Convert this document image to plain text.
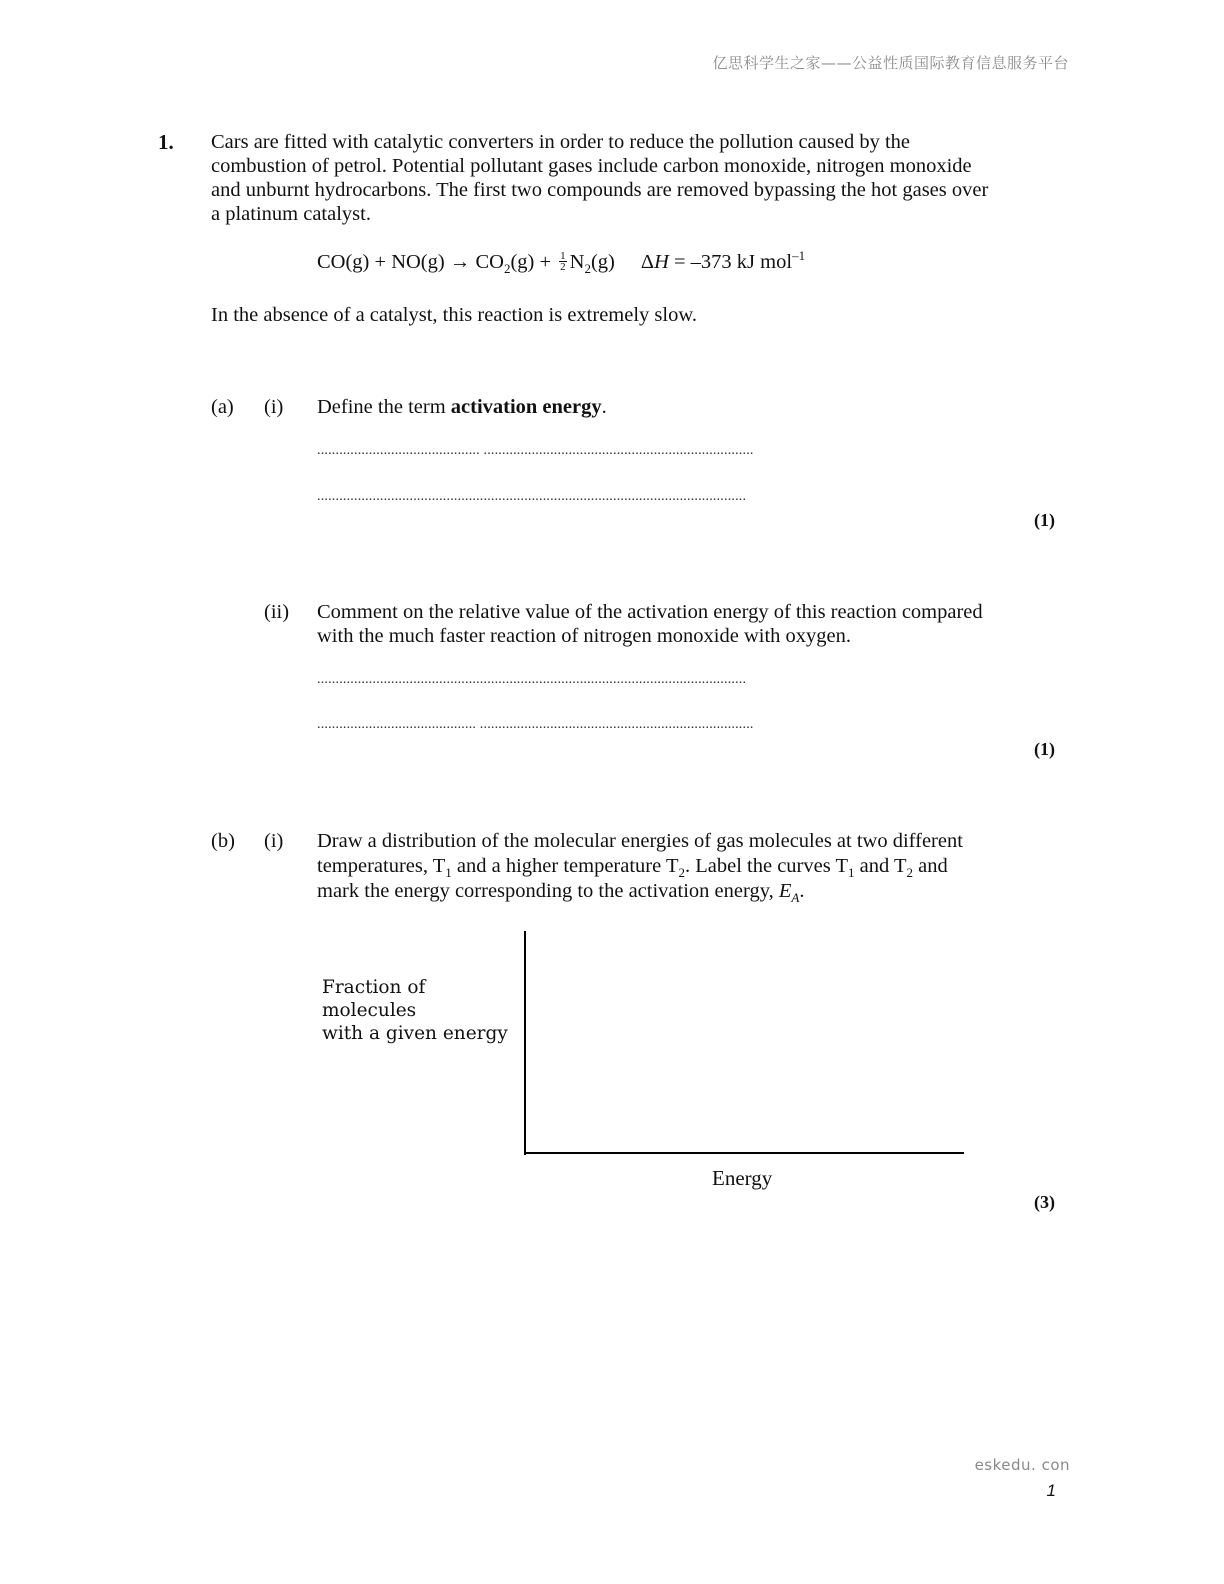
亿思科学生之家——公益性质国际教育信息服务平台
1. Cars are fitted with catalytic converters in order to reduce the pollution caused by the
combustion of petrol. Potential pollutant gases include carbon monoxide, nitrogen monoxide
and unburnt hydrocarbons. The first two compounds are removed bypassing the hot gases over
a platinum catalyst.
$CO(g) + NO(g) \to CO_2(g) + \frac{1}{2} N_2(g) \Delta H = -373$ kJ mol$^{-1}$
In the absence of a catalyst, this reaction is extremely slow.
(a) (i) Define the term activation energy.
............................................ .........................................................................
....................................................................................................................
(1)
(ii) Comment on the relative value of the activation energy of this reaction compared
with the much faster reaction of nitrogen monoxide with oxygen.
....................................................................................................................
........................................... ..........................................................................
(1)
(b) (i) Draw a distribution of the molecular energies of gas molecules at two different
temperatures, $T_1$ and a higher temperature $T_2$. Label the curves $T_1$ and $T_2$ and
mark the energy corresponding to the activation energy, $E_A$.
Fraction of molecules
with a given energy
Energy
(3)
eskedu. con
1
